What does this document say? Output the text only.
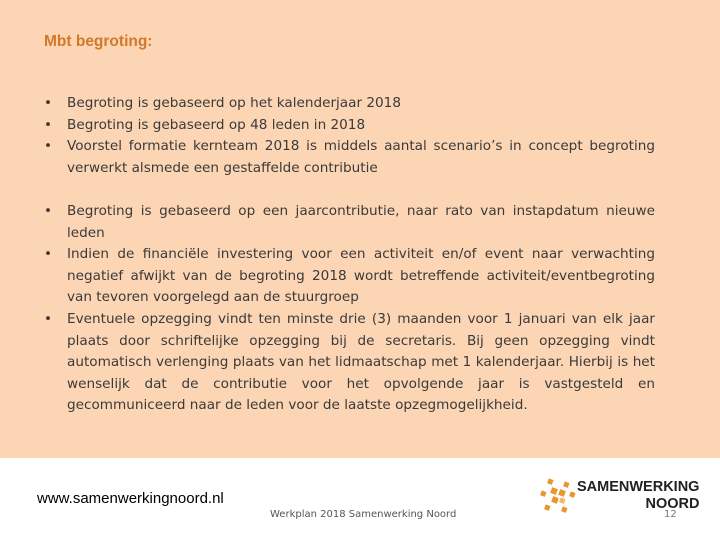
Mbt begroting:
• Begroting is gebaseerd op het kalenderjaar 2018
• Begroting is gebaseerd op 48 leden in 2018
• Voorstel formatie kernteam 2018 is middels aantal scenario’s in concept begroting verwerkt alsmede een gestaffelde contributie
• Begroting is gebaseerd op een jaarcontributie, naar rato van instapdatum nieuwe leden
• Indien de financiële investering voor een activiteit en/of event naar verwachting negatief afwijkt van de begroting 2018 wordt betreffende activiteit/eventbegroting van tevoren voorgelegd aan de stuurgroep
• Eventuele opzegging vindt ten minste drie (3) maanden voor 1 januari van elk jaar plaats door schriftelijke opzegging bij de secretaris. Bij geen opzegging vindt automatisch verlenging plaats van het lidmaatschap met 1 kalenderjaar. Hierbij is het wenselijk dat de contributie voor het opvolgende jaar is vastgesteld en gecommuniceerd naar de leden voor de laatste opzegmogelijkheid.
www.samenwerkingnoord.nl
Werkplan 2018 Samenwerking Noord
SAMENWERKING
NOORD
12
